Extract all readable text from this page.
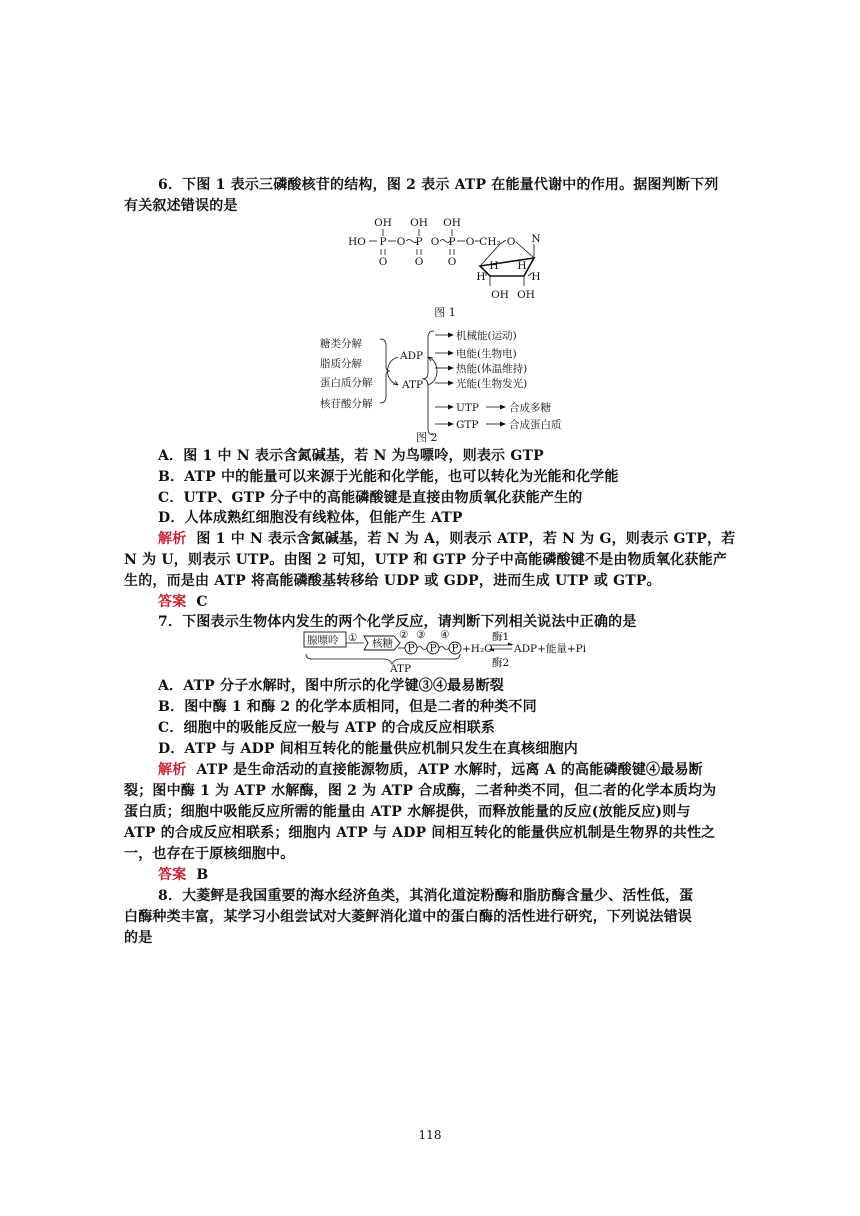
6．下图 1 表示三磷酸核苷的结构，图 2 表示 ATP 在能量代谢中的作用。据图判断下列
有关叙述错误的是
OH OH OH
HO P O P O P O CH₂
O	O O
O N
H H
H	H
OH OH
图 1
糖类分解
脂质分解
蛋白质分解
核苷酸分解
ADP
ATP
机械能(运动)
电能(生物电)
热能(体温维持)
光能(生物发光)
UTP	合成多糖
GTP	合成蛋白质
图 2
A．图 1 中 N 表示含氮碱基，若 N 为鸟嘌呤，则表示 GTP
B．ATP 中的能量可以来源于光能和化学能，也可以转化为光能和化学能
C．UTP、GTP 分子中的高能磷酸键是直接由物质氧化获能产生的
D．人体成熟红细胞没有线粒体，但能产生 ATP
解析 图 1 中 N 表示含氮碱基，若 N 为 A，则表示 ATP，若 N 为 G，则表示 GTP，若
N 为 U，则表示 UTP。由图 2 可知，UTP 和 GTP 分子中高能磷酸键不是由物质氧化获能产
生的，而是由 ATP 将高能磷酸基转移给 UDP 或 GDP，进而生成 UTP 或 GTP。
答案 C
7．下图表示生物体内发生的两个化学反应，请判断下列相关说法中正确的是
腺嘌呤 ① 核糖
② ③ ④
P P P +H₂O
酶1
酶2
ADP+能量+Pi
ATP
A．ATP 分子水解时，图中所示的化学键③④最易断裂
B．图中酶 1 和酶 2 的化学本质相同，但是二者的种类不同
C．细胞中的吸能反应一般与 ATP 的合成反应相联系
D．ATP 与 ADP 间相互转化的能量供应机制只发生在真核细胞内
解析 ATP 是生命活动的直接能源物质，ATP 水解时，远离 A 的高能磷酸键④最易断
裂；图中酶 1 为 ATP 水解酶，图 2 为 ATP 合成酶，二者种类不同，但二者的化学本质均为
蛋白质；细胞中吸能反应所需的能量由 ATP 水解提供，而释放能量的反应(放能反应)则与
ATP 的合成反应相联系；细胞内 ATP 与 ADP 间相互转化的能量供应机制是生物界的共性之
一，也存在于原核细胞中。
答案 B
8．大菱鲆是我国重要的海水经济鱼类，其消化道淀粉酶和脂肪酶含量少、活性低，蛋
白酶种类丰富，某学习小组尝试对大菱鲆消化道中的蛋白酶的活性进行研究，下列说法错误
的是
118
